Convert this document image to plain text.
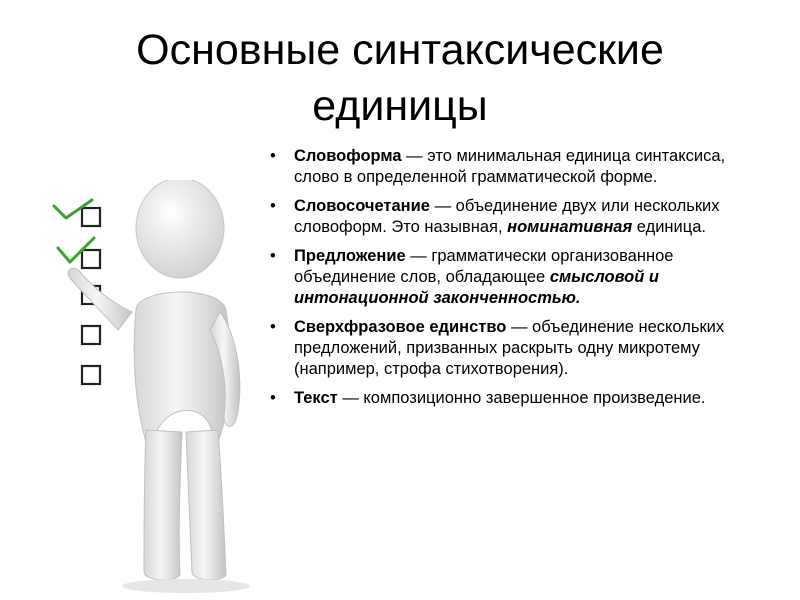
Основные синтаксические
единицы
• Словоформа — это минимальная единица синтаксиса, слово в определенной грамматической форме.
• Словосочетание — объединение двух или нескольких словоформ. Это назывная, номинативная единица.
• Предложение — грамматически организованное объединение слов, обладающее смысловой и интонационной законченностью.
• Сверхфразовое единство — объединение нескольких предложений, призванных раскрыть одну микротему (например, строфа стихотворения).
• Текст — композиционно завершенное произведение.
